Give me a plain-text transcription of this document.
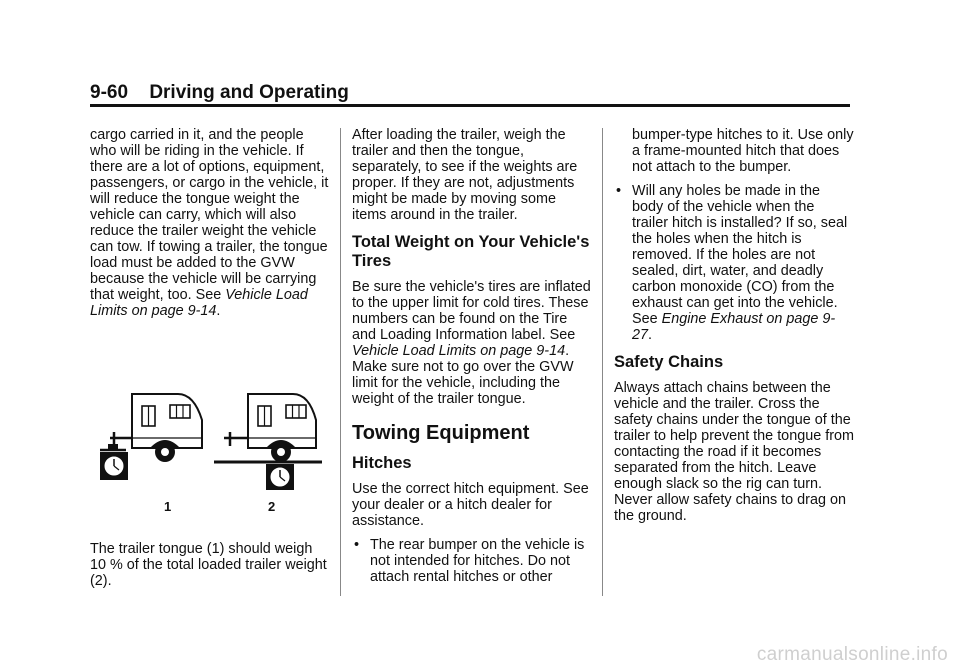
9-60 Driving and Operating

cargo carried in it, and the people who will be riding in the vehicle. If there are a lot of options, equipment, passengers, or cargo in the vehicle, it will reduce the tongue weight the vehicle can carry, which will also reduce the trailer weight the vehicle can tow. If towing a trailer, the tongue load must be added to the GVW because the vehicle will be carrying that weight, too. See Vehicle Load Limits on page 9-14.

1	2
The trailer tongue (1) should weigh 10 % of the total loaded trailer weight (2).

After loading the trailer, weigh the trailer and then the tongue, separately, to see if the weights are proper. If they are not, adjustments might be made by moving some items around in the trailer.

Total Weight on Your Vehicle's Tires

Be sure the vehicle's tires are inflated to the upper limit for cold tires. These numbers can be found on the Tire and Loading Information label. See Vehicle Load Limits on page 9-14. Make sure not to go over the GVW limit for the vehicle, including the weight of the trailer tongue.

Towing Equipment
Hitches

Use the correct hitch equipment. See your dealer or a hitch dealer for assistance.

• The rear bumper on the vehicle is not intended for hitches. Do not attach rental hitches or other
bumper-type hitches to it. Use only a frame-mounted hitch that does not attach to the bumper.
• Will any holes be made in the body of the vehicle when the trailer hitch is installed? If so, seal the holes when the hitch is removed. If the holes are not sealed, dirt, water, and deadly carbon monoxide (CO) from the exhaust can get into the vehicle. See Engine Exhaust on page 9-27.
Safety Chains

Always attach chains between the vehicle and the trailer. Cross the safety chains under the tongue of the trailer to help prevent the tongue from contacting the road if it becomes separated from the hitch. Leave enough slack so the rig can turn. Never allow safety chains to drag on the ground.

carmanualsonline.info
